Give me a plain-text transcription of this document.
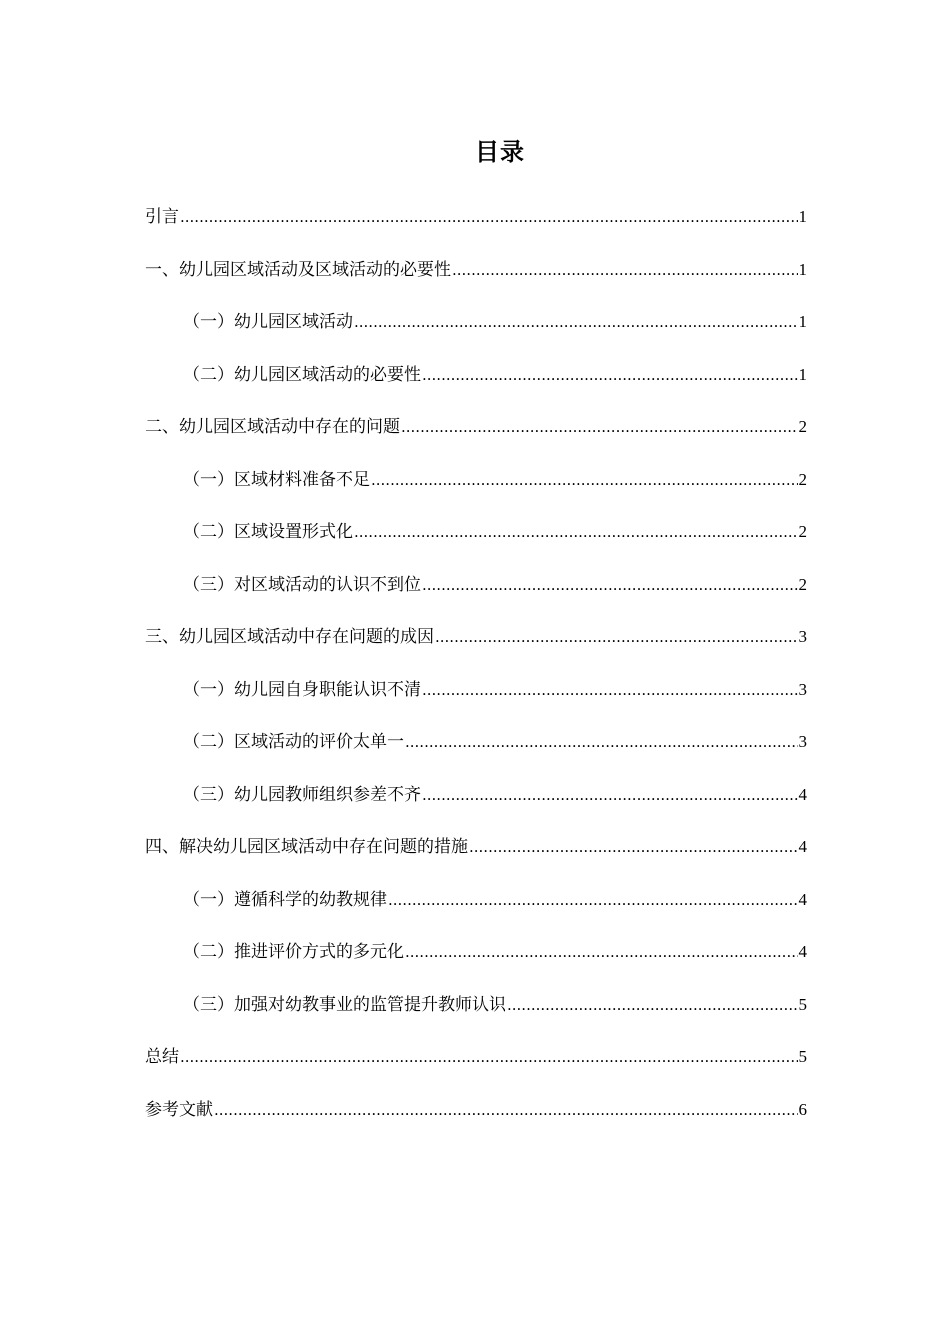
目录
引言 .....	1
一、幼儿园区域活动及区域活动的必要性 .....	1
（一）幼儿园区域活动 .....	1
（二）幼儿园区域活动的必要性 .....	1
二、幼儿园区域活动中存在的问题 .....	2
（一）区域材料准备不足 .....	2
（二）区域设置形式化 .....	2
（三）对区域活动的认识不到位 .....	2
三、幼儿园区域活动中存在问题的成因 .....	3
（一）幼儿园自身职能认识不清 .....	3
（二）区域活动的评价太单一 .....	3
（三）幼儿园教师组织参差不齐 .....	4
四、解决幼儿园区域活动中存在问题的措施 .....	4
（一）遵循科学的幼教规律 .....	4
（二）推进评价方式的多元化 .....	4
（三）加强对幼教事业的监管提升教师认识 .....	5
总结 .....	5
参考文献 .....	6
